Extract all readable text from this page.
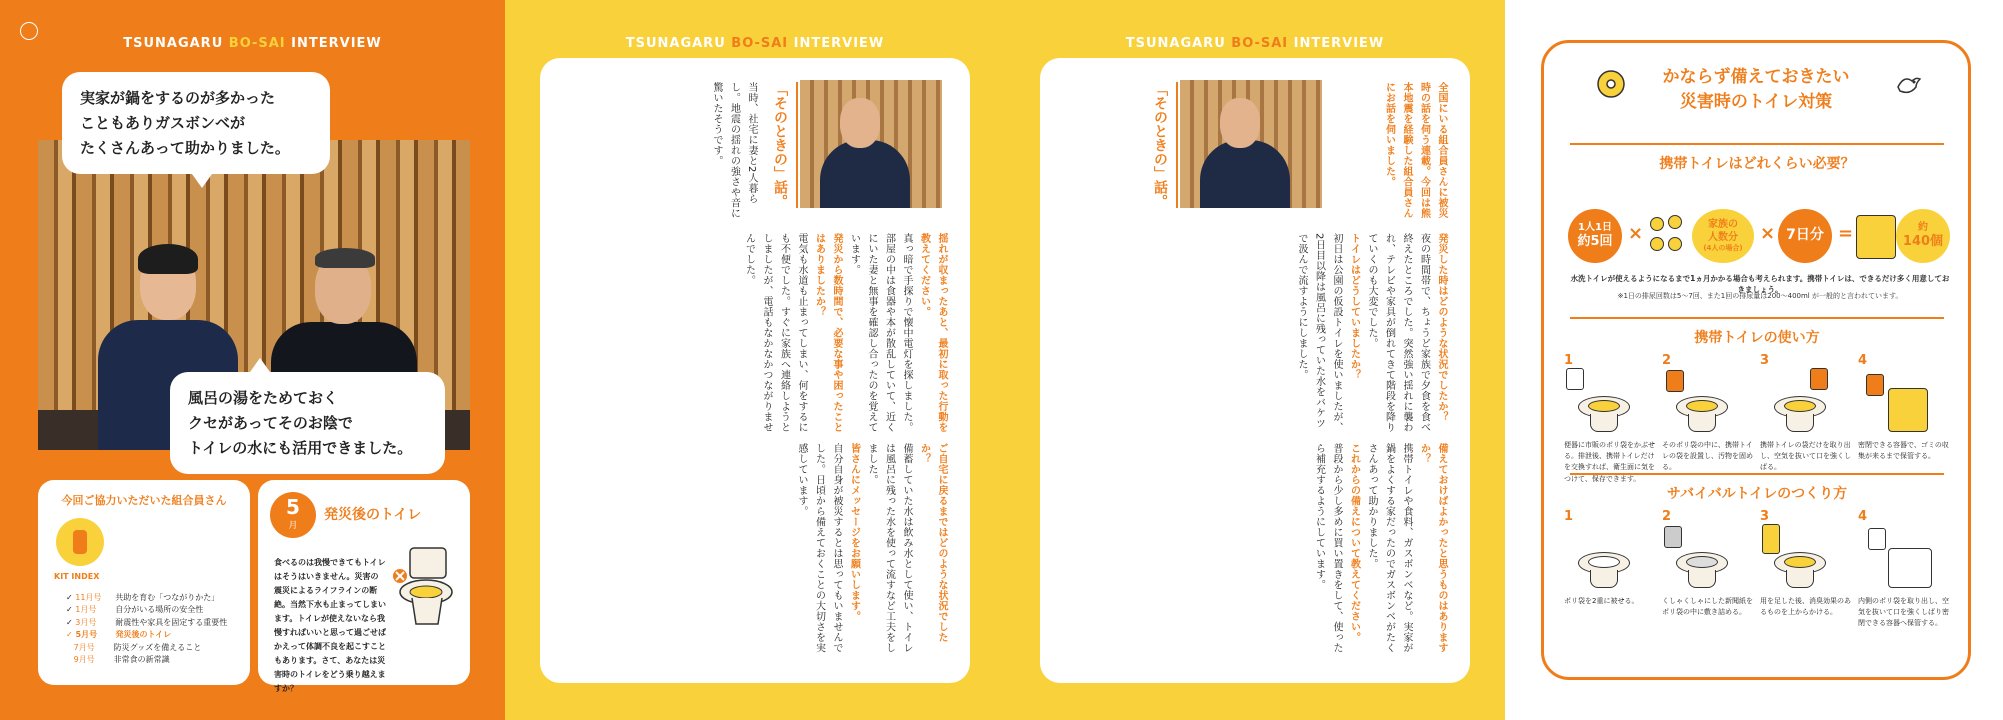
TSUNAGARU BO-SAI INTERVIEW
実家が鍋をするのが多かった
こともありガスボンベが
たくさんあって助かりました。
風呂の湯をためておく
クセがあってそのお陰で
トイレの水にも活用できました。
今回ご協力いただいた組合員さん
KIT INDEX
✓ 11月号 共助を育む「つながりかた」
✓ 1月号 自分がいる場所の安全性
✓ 3月号 耐震性や家具を固定する重要性
✓ 5月号 発災後のトイレ
7月号 防災グッズを備えること
9月号 非常食の新常識
5
月
発災後のトイレ
食べるのは我慢できてもトイレはそうはいきません。災害の震災によるライフラインの断絶。当然下水も止まってしまいます。トイレが使えないなら我慢すればいいと思って過ごせばかえって体調不良を起こすこともあります。さて、あなたは災害時のトイレをどう乗り越えますか？
TSUNAGARU BO-SAI INTERVIEW
「そのときの」話。
当時、社宅に妻と2人暮らし。地震の揺れの強さや音に驚いたそうです。
揺れが収まったあと、最初に取った行動を教えてください。
真っ暗で手探りで懐中電灯を探しました。部屋の中は食器や本が散乱していて、近くにいた妻と無事を確認し合ったのを覚えています。
発災から数時間で、必要な事や困ったことはありましたか？
電気も水道も止まってしまい、何をするにも不便でした。すぐに家族へ連絡しようとしましたが、電話もなかなかつながりませんでした。
ご自宅に戻るまではどのような状況でしたか？
備蓄していた水は飲み水として使い、トイレは風呂に残った水を使って流すなど工夫をしました。
皆さんにメッセージをお願いします。
自分自身が被災するとは思ってもいませんでした。日頃から備えておくことの大切さを実感しています。
TSUNAGARU BO-SAI INTERVIEW
全国にいる組合員さんに被災時の話を伺う連載。今回は熊本地震を経験した組合員さんにお話を伺いました。
「そのときの」話。
発災した時はどのような状況でしたか？
夜の時間帯で、ちょうど家族で夕食を食べ終えたところでした。突然強い揺れに襲われ、テレビや家具が倒れてきて階段を降りていくのも大変でした。
トイレはどうしていましたか？
初日は公園の仮設トイレを使いましたが、2日目以降は風呂に残っていた水をバケツで汲んで流すようにしました。
備えておけばよかったと思うものはありますか？
携帯トイレや食料、ガスボンベなど。実家が鍋をよくする家だったのでガスボンベがたくさんあって助かりました。
これからの備えについて教えてください。
普段から少し多めに買い置きをして、使ったら補充するようにしています。
かならず備えておきたい
災害時のトイレ対策
携帯トイレはどれくらい必要？
1人1日
約5回 ×	家族の
人数分
(4人の場合)
× 7日分 =	約
140個
水洗トイレが使えるようになるまで1ヵ月かかる場合も考えられます。携帯トイレは、できるだけ多く用意しておきましょう。
※1日の排尿回数は5〜7回、また1回の排尿量は200〜400ml が一般的と言われています。
携帯トイレの使い方
1
便器に市販のポリ袋をかぶせる。排泄後、携帯トイレだけを交換すれば、衛生面に気をつけて、保存できます。
2
そのポリ袋の中に、携帯トイレの袋を設置し、汚物を固める。
3
携帯トイレの袋だけを取り出し、空気を抜いて口を強くしばる。
4
密閉できる容器で、ゴミの収集が来るまで保管する。
サバイバルトイレのつくり方
1
ポリ袋を2重に被せる。
2
くしゃくしゃにした新聞紙をポリ袋の中に敷き詰める。
3
用を足した後、消臭効果のあるものを上からかける。
4
内側のポリ袋を取り出し、空気を抜いて口を強くしばり密閉できる容器へ保管する。
